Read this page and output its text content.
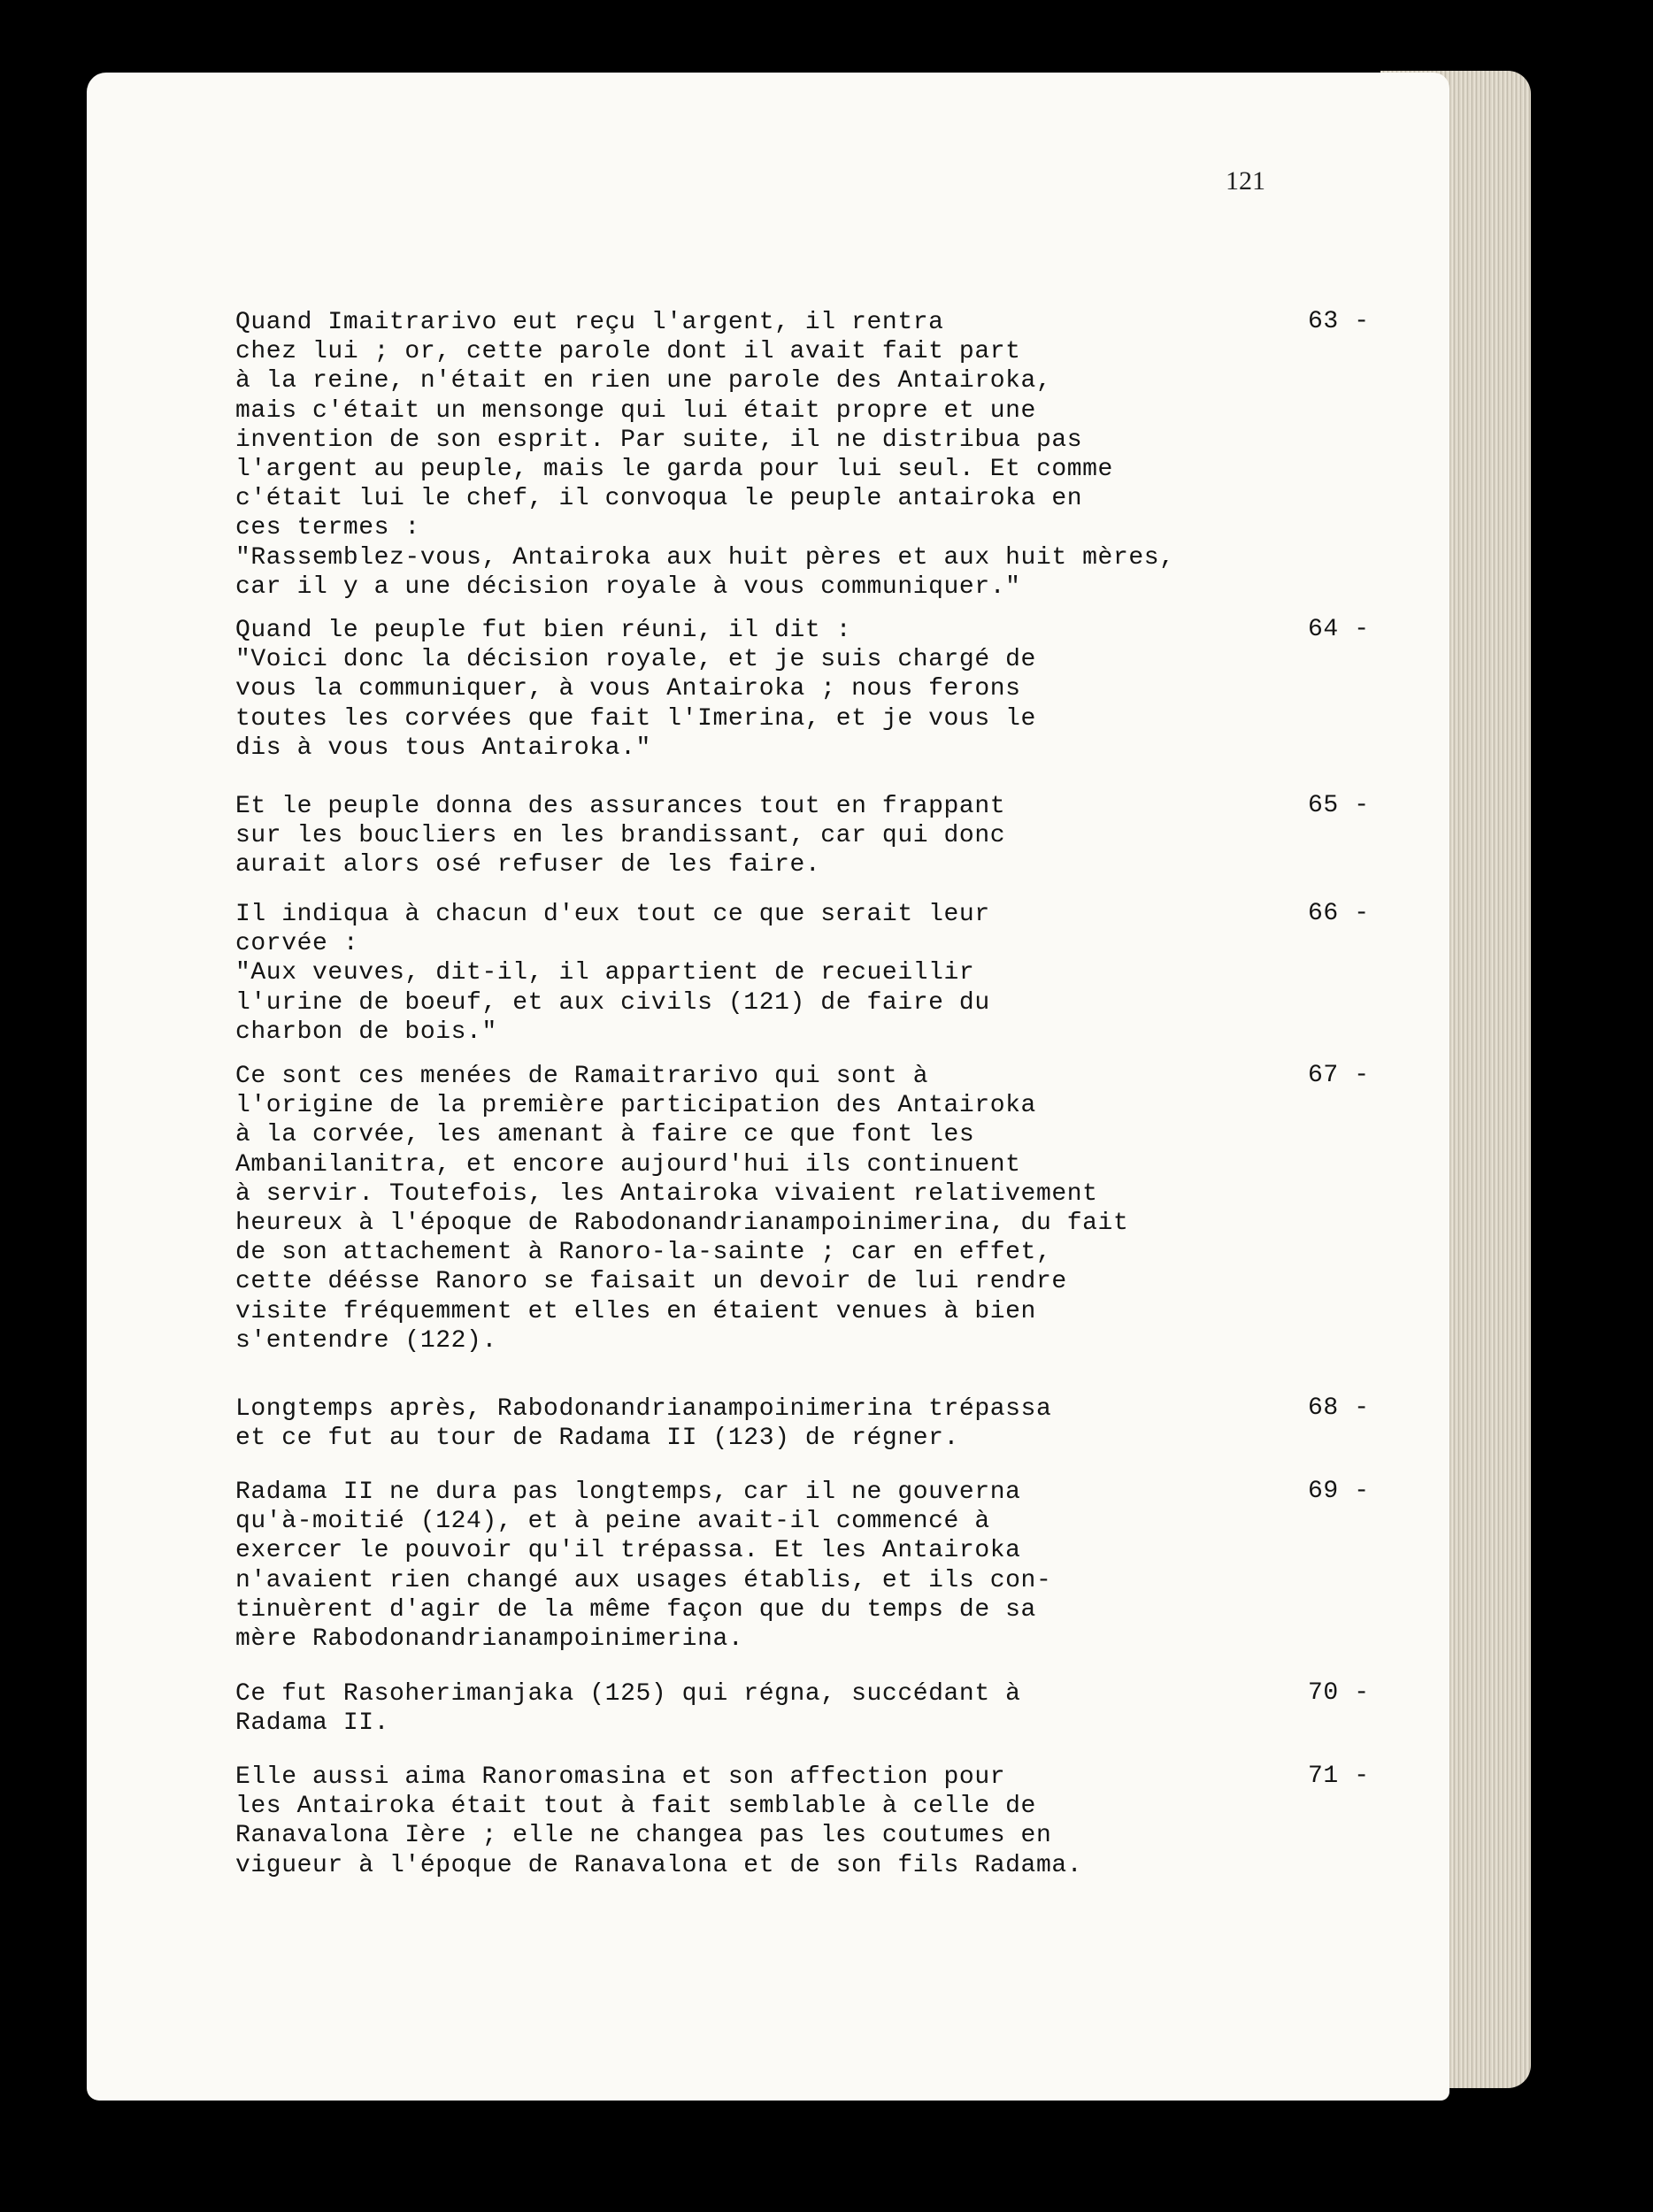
121
63 -
Quand Imaitrarivo eut reçu l'argent, il rentra
chez lui ; or, cette parole dont il avait fait part
à la reine, n'était en rien une parole des Antairoka,
mais c'était un mensonge qui lui était propre et une
invention de son esprit. Par suite, il ne distribua pas
l'argent au peuple, mais le garda pour lui seul. Et comme
c'était lui le chef, il convoqua le peuple antairoka en
ces termes :
"Rassemblez-vous, Antairoka aux huit pères et aux huit mères,
car il y a une décision royale à vous communiquer."
64 -
Quand le peuple fut bien réuni, il dit :
"Voici donc la décision royale, et je suis chargé de
vous la communiquer, à vous Antairoka ; nous ferons
toutes les corvées que fait l'Imerina, et je vous le
dis à vous tous Antairoka."
65 -
Et le peuple donna des assurances tout en frappant
sur les boucliers en les brandissant, car qui donc
aurait alors osé refuser de les faire.
66 -
Il indiqua à chacun d'eux tout ce que serait leur
corvée :
"Aux veuves, dit-il, il appartient de recueillir
l'urine de boeuf, et aux civils (121) de faire du
charbon de bois."
67 -
Ce sont ces menées de Ramaitrarivo qui sont à
l'origine de la première participation des Antairoka
à la corvée, les amenant à faire ce que font les
Ambanilanitra, et encore aujourd'hui ils continuent
à servir. Toutefois, les Antairoka vivaient relativement
heureux à l'époque de Rabodonandrianampoinimerina, du fait
de son attachement à Ranoro-la-sainte ; car en effet,
cette déésse Ranoro se faisait un devoir de lui rendre
visite fréquemment et elles en étaient venues à bien
s'entendre (122).
68 -
Longtemps après, Rabodonandrianampoinimerina trépassa
et ce fut au tour de Radama II (123) de régner.
69 -
Radama II ne dura pas longtemps, car il ne gouverna
qu'à-moitié (124), et à peine avait-il commencé à
exercer le pouvoir qu'il trépassa. Et les Antairoka
n'avaient rien changé aux usages établis, et ils con-
tinuèrent d'agir de la même façon que du temps de sa
mère Rabodonandrianampoinimerina.
70 -
Ce fut Rasoherimanjaka (125) qui régna, succédant à
Radama II.
71 -
Elle aussi aima Ranoromasina et son affection pour
les Antairoka était tout à fait semblable à celle de
Ranavalona Ière ; elle ne changea pas les coutumes en
vigueur à l'époque de Ranavalona et de son fils Radama.
